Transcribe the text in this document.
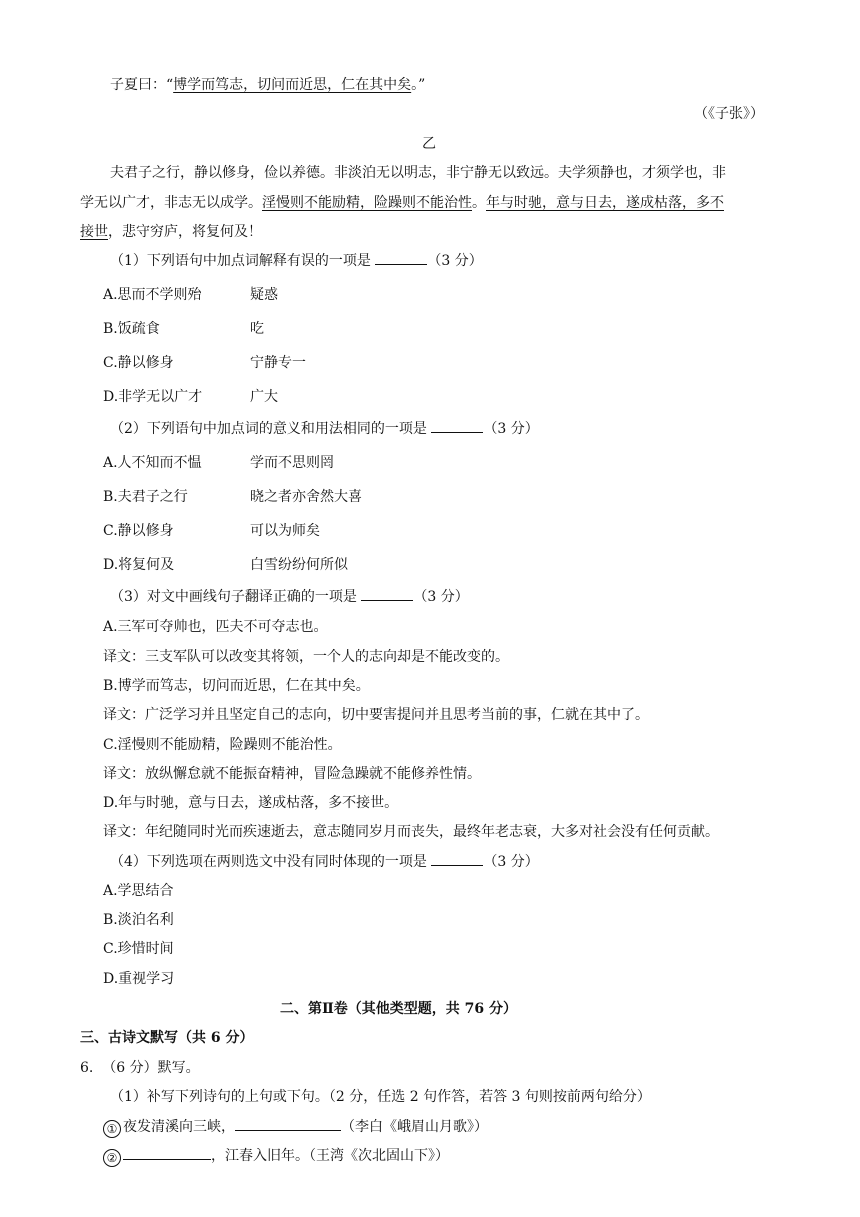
子夏曰：“博学而笃志，切问而近思，仁在其中矣。”
（《子张》）
乙
夫君子之行，静以修身，俭以养德。非淡泊无以明志，非宁静无以致远。夫学须静也，才须学也，非
学无以广才，非志无以成学。淫慢则不能励精，险躁则不能治性。年与时驰，意与日去，遂成枯落，多不
接世，悲守穷庐，将复何及！
（1）下列语句中加点词解释有误的一项是	（3 分）
A.思而不学则殆	疑惑
B.饭疏食	吃
C.静以修身	宁静专一
D.非学无以广才	广大
（2）下列语句中加点词的意义和用法相同的一项是	（3 分）
A.人不知而不愠	学而不思则罔
B.夫君子之行	晓之者亦舍然大喜
C.静以修身	可以为师矣
D.将复何及	白雪纷纷何所似
（3）对文中画线句子翻译正确的一项是	（3 分）
A.三军可夺帅也，匹夫不可夺志也。
译文：三支军队可以改变其将领，一个人的志向却是不能改变的。
B.博学而笃志，切问而近思，仁在其中矣。
译文：广泛学习并且坚定自己的志向，切中要害提问并且思考当前的事，仁就在其中了。
C.淫慢则不能励精，险躁则不能治性。
译文：放纵懈怠就不能振奋精神，冒险急躁就不能修养性情。
D.年与时驰，意与日去，遂成枯落，多不接世。
译文：年纪随同时光而疾速逝去，意志随同岁月而丧失，最终年老志衰，大多对社会没有任何贡献。
（4）下列选项在两则选文中没有同时体现的一项是	（3 分）
A.学思结合
B.淡泊名利
C.珍惜时间
D.重视学习
二、第Ⅱ卷（其他类型题，共 76 分）
三、古诗文默写（共 6 分）
6. （6 分）默写。
（1）补写下列诗句的上句或下句。（2 分，任选 2 句作答，若答 3 句则按前两句给分）
① 夜发清溪向三峡，	（李白《峨眉山月歌》）
②	，江春入旧年。（王湾《次北固山下》）
